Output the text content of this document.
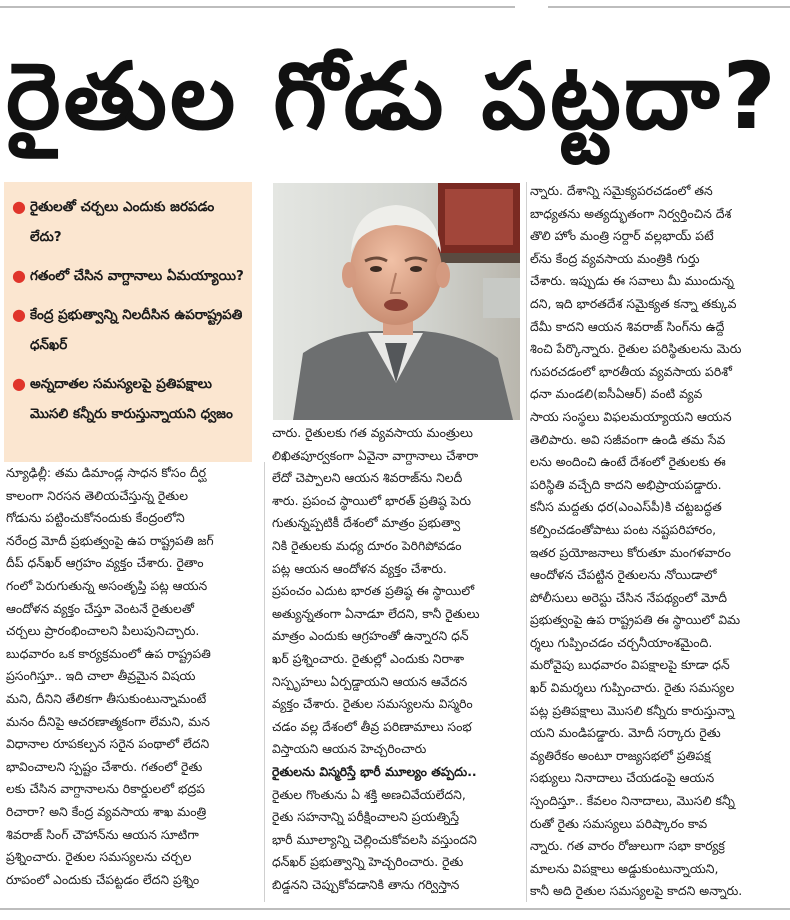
రైతుల గోడు పట్టదా?
● రైతులతో చర్చలు ఎందుకు జరపడం లేదు?
● గతంలో చేసిన వాగ్దానాలు ఏమయ్యాయి?
● కేంద్ర ప్రభుత్వాన్ని నిలదీసిన ఉపరాష్ట్రపతి ధన్‌ఖర్
● అన్నదాతల సమస్యలపై ప్రతిపక్షాలు మొసలి కన్నీరు కారుస్తున్నాయని ధ్వజం
న్యూఢిల్లీ: తమ డిమాండ్ల సాధన కోసం దీర్ఘ
కాలంగా నిరసన తెలియచేస్తున్న రైతుల
గోడును పట్టించుకోనందుకు కేంద్రంలోని
నరేంద్ర మోదీ ప్రభుత్వంపై ఉప రాష్ట్రపతి జగ్
దీప్ ధన్‌ఖర్ ఆగ్రహం వ్యక్తం చేశారు. రైతాం
గంలో పెరుగుతున్న అసంతృప్తి పట్ల ఆయన
ఆందోళన వ్యక్తం చేస్తూ వెంటనే రైతులతో
చర్చలు ప్రారంభించాలని పిలుపునిచ్చారు.
బుధవారం ఒక కార్యక్రమంలో ఉప రాష్ట్రపతి
ప్రసంగిస్తూ.. ఇది చాలా తీవ్రమైన విషయ
మని, దీనిని తేలికగా తీసుకుంటున్నామంటే
మనం దీనిపై ఆచరణాత్మకంగా లేమని, మన
విధానాల రూపకల్పన సరైన పంథాలో లేదని
భావించాలని స్పష్టం చేశారు. గతంలో రైతు
లకు చేసిన వాగ్దానాలను రికార్డులలో భద్రప
రిచారా? అని కేంద్ర వ్యవసాయ శాఖ మంత్రి
శివరాజ్ సింగ్ చౌహాన్‌ను ఆయన సూటిగా
ప్రశ్నించారు. రైతుల సమస్యలను చర్చల
రూపంలో ఎందుకు చేపట్టడం లేదని ప్రశ్నిం
చారు. రైతులకు గత వ్యవసాయ మంత్రులు
లిఖితపూర్వకంగా ఏవైనా వాగ్దానాలు చేశారా
లేదో చెప్పాలని ఆయన శివరాజ్‌ను నిలదీ
శారు. ప్రపంచ స్థాయిలో భారత్ ప్రతిష్ఠ పెరు
గుతున్నప్పటికీ దేశంలో మాత్రం ప్రభుత్వా
నికి రైతులకు మధ్య దూరం పెరిగిపోవడం
పట్ల ఆయన ఆందోళన వ్యక్తం చేశారు.
ప్రపంచం ఎదుట భారత ప్రతిష్ఠ ఈ స్థాయిలో
అత్యున్నతంగా ఏనాడూ లేదని, కానీ రైతులు
మాత్రం ఎందుకు ఆగ్రహంతో ఉన్నారని ధన్
ఖర్ ప్రశ్నించారు. రైతుల్లో ఎందుకు నిరాశా
నిస్పృహలు ఏర్పడ్డాయని ఆయన ఆవేదన
వ్యక్తం చేశారు. రైతుల సమస్యలను విస్మరిం
చడం వల్ల దేశంలో తీవ్ర పరిణామాలు సంభ
విస్తాయని ఆయన హెచ్చరించారు
రైతులను విస్మరిస్తే భారీ మూల్యం తప్పదు..
రైతుల గొంతును ఏ శక్తి అణచివేయలేదని,
రైతు సహనాన్ని పరీక్షించాలని ప్రయత్నిస్తే
భారీ మూల్యాన్ని చెల్లించుకోవలసి వస్తుందని
ధన్‌ఖర్ ప్రభుత్వాన్ని హెచ్చరించారు. రైతు
బిడ్డనని చెప్పుకోవడానికి తాను గర్విస్తాన
న్నారు. దేశాన్ని సమైక్యపరచడంలో తన
బాధ్యతను అత్యద్భుతంగా నిర్వర్తించిన దేశ
తొలి హోం మంత్రి సర్దార్ వల్లభాయ్ పటే
ల్‌ను కేంద్ర వ్యవసాయ మంత్రికి గుర్తు
చేశారు. ఇప్పుడు ఈ సవాలు మీ ముందున్న
దని, ఇది భారతదేశ సమైక్యత కన్నా తక్కువ
దేమీ కాదని ఆయన శివరాజ్ సింగ్‌ను ఉద్దే
శించి పేర్కొన్నారు. రైతుల పరిస్థితులను మెరు
గుపరచడంలో భారతీయ వ్యవసాయ పరిశో
ధనా మండలి(ఐసీఏఆర్) వంటి వ్యవ
సాయ సంస్థలు విఫలమయ్యాయని ఆయన
తెలిపారు. అవి సజీవంగా ఉండి తమ సేవ
లను అందించి ఉంటే దేశంలో రైతులకు ఈ
పరిస్థితి వచ్చేది కాదని అభిప్రాయపడ్డారు.
కనీస మద్దతు ధర(ఎంఎస్‌పీ)కి చట్టబద్ధత
కల్పించడంతోపాటు పంట నష్టపరిహారం,
ఇతర ప్రయోజనాలు కోరుతూ మంగళవారం
ఆందోళన చేపట్టిన రైతులను నోయిడాలో
పోలీసులు అరెస్టు చేసిన నేపథ్యంలో మోదీ
ప్రభుత్వంపై ఉప రాష్ట్రపతి ఈ స్థాయిలో విమ
ర్శలు గుప్పించడం చర్చనీయాంశమైంది.
మరోవైపు బుధవారం విపక్షాలపై కూడా ధన్
ఖర్ విమర్శలు గుప్పించారు. రైతు సమస్యల
పట్ల ప్రతిపక్షాలు మొసలి కన్నీరు కారుస్తున్నా
యని మండిపడ్డారు. మోదీ సర్కారు రైతు
వ్యతిరేకం అంటూ రాజ్యసభలో ప్రతిపక్ష
సభ్యులు నినాదాలు చేయడంపై ఆయన
స్పందిస్తూ.. కేవలం నినాదాలు, మొసలి కన్నీ
రుతో రైతు సమస్యలు పరిష్కారం కావ
న్నారు. గత వారం రోజులుగా సభా కార్యక్ర
మాలను విపక్షాలు అడ్డుకుంటున్నాయని,
కానీ అది రైతుల సమస్యలపై కాదని అన్నారు.
